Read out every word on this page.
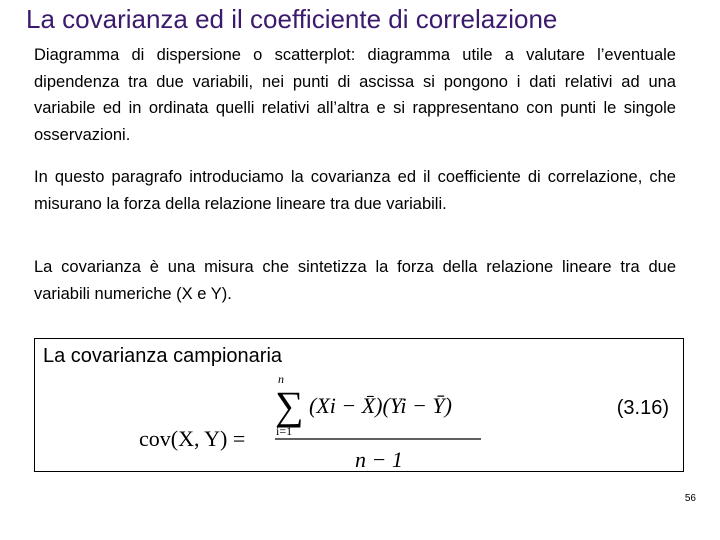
La covarianza ed il coefficiente di correlazione
Diagramma di dispersione o scatterplot: diagramma utile a valutare l’eventuale dipendenza tra due variabili, nei punti di ascissa si pongono i dati relativi ad una variabile ed in ordinata quelli relativi all’altra e si rappresentano con punti le singole osservazioni.
In questo paragrafo introduciamo la covarianza ed il coefficiente di correlazione, che misurano la forza della relazione lineare tra due variabili.
La covarianza è una misura che sintetizza la forza della relazione lineare tra due variabili numeriche (X e Y).
La covarianza campionaria
(3.16)
cov(X, Y) =
n
∑
i=1
(Xi − X̄)(Yi − Ȳ)
n − 1
56
